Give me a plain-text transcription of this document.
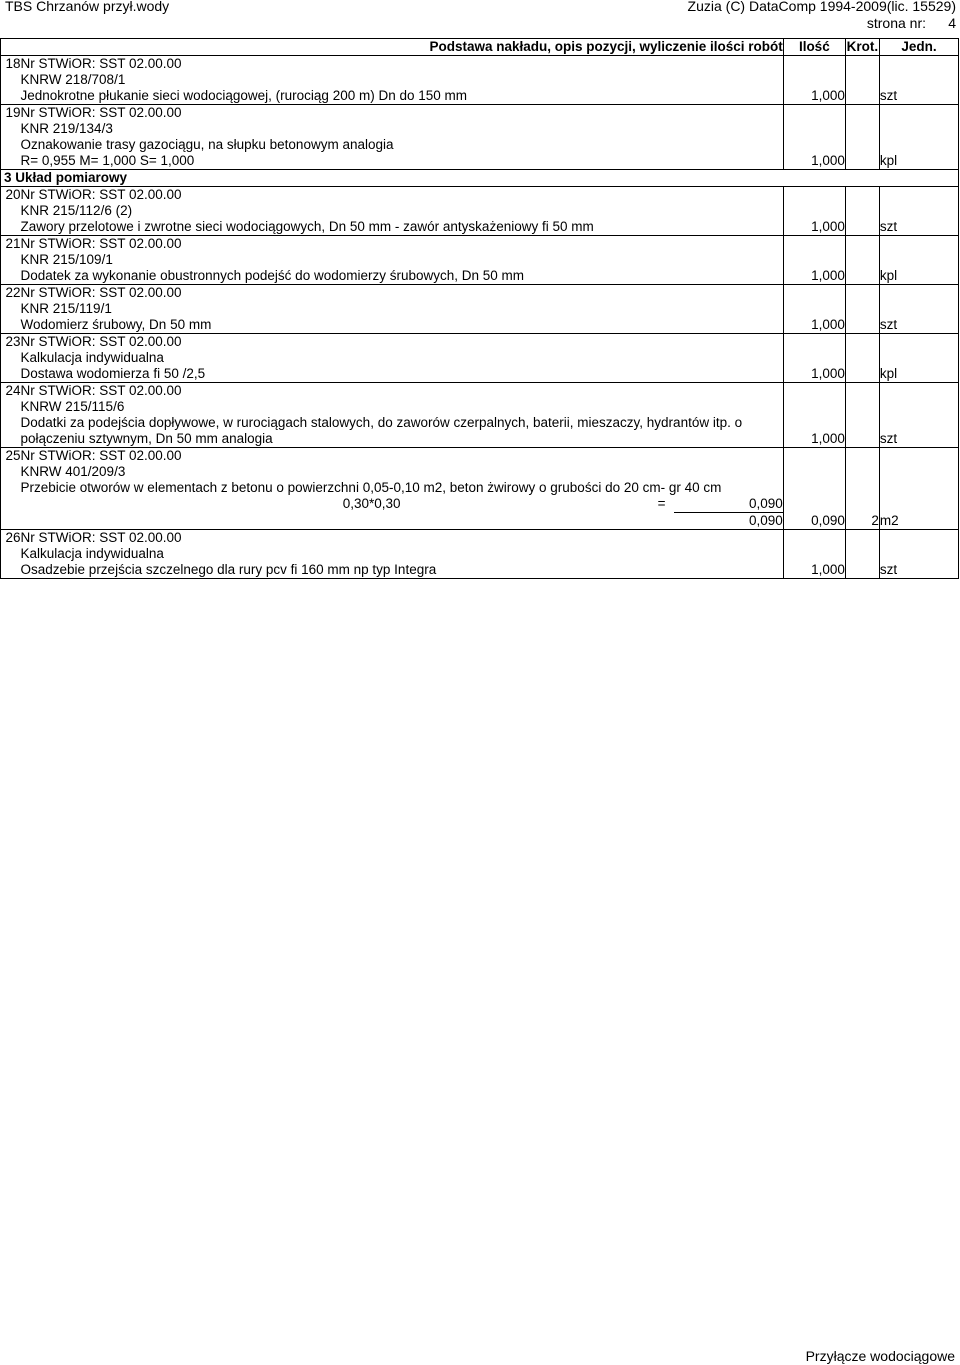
TBS Chrzanów przył.wody	Zuzia (C) DataComp 1994-2009(lic. 15529)
strona nr: 4
Podstawa nakładu, opis pozycji, wyliczenie ilości robót		Ilość	Krot.	Jedn.
18	Nr STWiOR: SST 02.00.00			
	KNRW 218/708/1			
	Jednokrotne płukanie sieci wodociągowej, (rurociąg 200 m) Dn do 150 mm	1,000		szt
19	Nr STWiOR: SST 02.00.00			
	KNR 219/134/3			
	Oznakowanie trasy gazociągu, na słupku betonowym analogia			
	R= 0,955 M= 1,000 S= 1,000	1,000		kpl
3 Układ pomiarowy				
20	Nr STWiOR: SST 02.00.00			
	KNR 215/112/6 (2)			
	Zawory przelotowe i zwrotne sieci wodociągowych, Dn 50 mm - zawór antyskażeniowy fi 50 mm	1,000		szt
21	Nr STWiOR: SST 02.00.00			
	KNR 215/109/1			
	Dodatek za wykonanie obustronnych podejść do wodomierzy śrubowych, Dn 50 mm	1,000		kpl
22	Nr STWiOR: SST 02.00.00			
	KNR 215/119/1			
	Wodomierz śrubowy, Dn 50 mm	1,000		szt
23	Nr STWiOR: SST 02.00.00			
	Kalkulacja indywidualna			
	Dostawa wodomierza fi 50 /2,5	1,000		kpl
24	Nr STWiOR: SST 02.00.00			
	KNRW 215/115/6			
	Dodatki za podejścia dopływowe, w rurociągach stalowych, do zaworów czerpalnych, baterii, mieszaczy, hydrantów itp. o			
	połączeniu sztywnym, Dn 50 mm analogia	1,000		szt
25	Nr STWiOR: SST 02.00.00			
	KNRW 401/209/3			
	Przebicie otworów w elementach z betonu o powierzchni 0,05-0,10 m2, beton żwirowy o grubości do 20 cm- gr 40 cm			

	0,30*0,30 = 0,090			

	0,090	0,090	2	m2
26	Nr STWiOR: SST 02.00.00			
	Kalkulacja indywidualna			
	Osadzebie przejścia szczelnego dla rury pcv fi 160 mm np typ Integra	1,000		szt
Przyłącze wodociągowe
